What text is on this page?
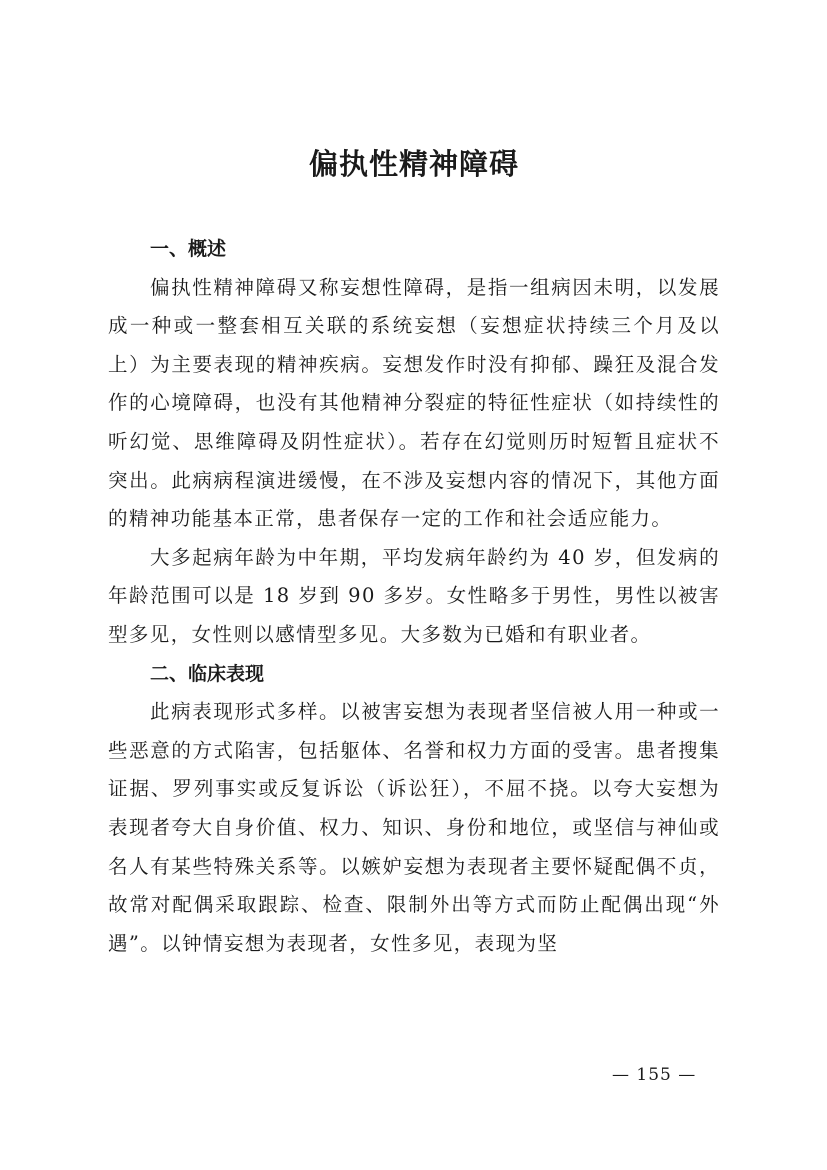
偏执性精神障碍
一、概述

偏执性精神障碍又称妄想性障碍，是指一组病因未明，以发展成一种或一整套相互关联的系统妄想（妄想症状持续三个月及以上）为主要表现的精神疾病。妄想发作时没有抑郁、躁狂及混合发作的心境障碍，也没有其他精神分裂症的特征性症状（如持续性的听幻觉、思维障碍及阴性症状）。若存在幻觉则历时短暂且症状不突出。此病病程演进缓慢，在不涉及妄想内容的情况下，其他方面的精神功能基本正常，患者保存一定的工作和社会适应能力。

大多起病年龄为中年期，平均发病年龄约为 40 岁，但发病的年龄范围可以是 18 岁到 90 多岁。女性略多于男性，男性以被害型多见，女性则以感情型多见。大多数为已婚和有职业者。

二、临床表现

此病表现形式多样。以被害妄想为表现者坚信被人用一种或一些恶意的方式陷害，包括躯体、名誉和权力方面的受害。患者搜集证据、罗列事实或反复诉讼（诉讼狂），不屈不挠。以夸大妄想为表现者夸大自身价值、权力、知识、身份和地位，或坚信与神仙或名人有某些特殊关系等。以嫉妒妄想为表现者主要怀疑配偶不贞，故常对配偶采取跟踪、检查、限制外出等方式而防止配偶出现“外遇”。以钟情妄想为表现者，女性多见，表现为坚

— 155 —
